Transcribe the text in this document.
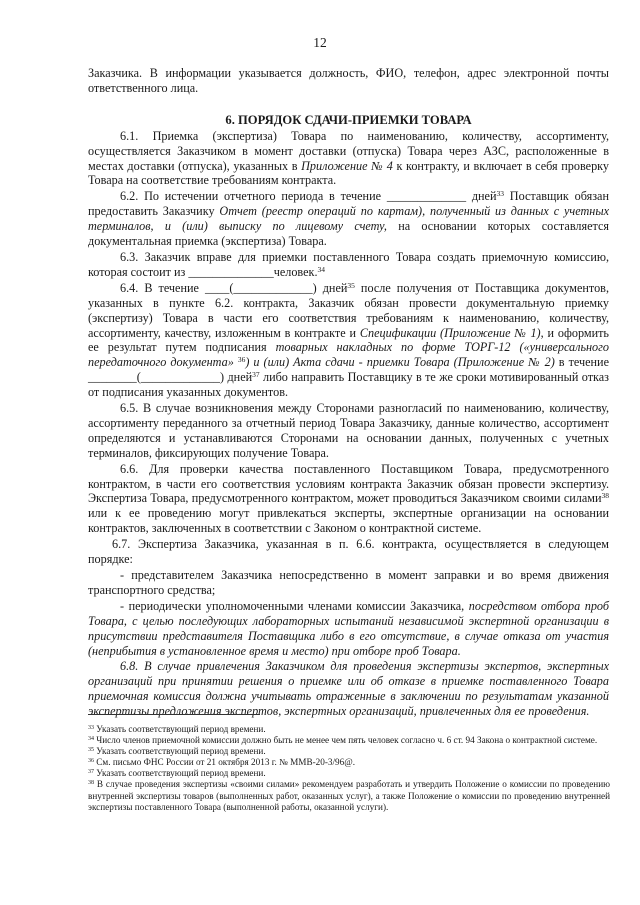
12

Заказчика. В информации указывается должность, ФИО, телефон, адрес электронной почты ответственного лица.

6. ПОРЯДОК СДАЧИ-ПРИЕМКИ ТОВАРА

6.1. Приемка (экспертиза) Товара по наименованию, количеству, ассортименту, осуществляется Заказчиком в момент доставки (отпуска) Товара через АЗС, расположенные в местах доставки (отпуска), указанных в Приложение № 4 к контракту, и включает в себя проверку Товара на соответствие требованиям контракта.

6.2. По истечении отчетного периода в течение _____________ дней$^{33}$ Поставщик обязан предоставить Заказчику Отчет (реестр операций по картам), полученный из данных с учетных терминалов, и (или) выписку по лицевому счету, на основании которых составляется документальная приемка (экспертиза) Товара.

6.3. Заказчик вправе для приемки поставленного Товара создать приемочную комиссию, которая состоит из ______________человек.$^{34}$

6.4. В течение ____(_____________) дней$^{35}$ после получения от Поставщика документов, указанных в пункте 6.2. контракта, Заказчик обязан провести документальную приемку (экспертизу) Товара в части его соответствия требованиям к наименованию, количеству, ассортименту, качеству, изложенным в контракте и Спецификации (Приложение № 1), и оформить ее результат путем подписания товарных накладных по форме ТОРГ-12 («универсального передаточного документа» $^{36}$) и (или) Акта сдачи - приемки Товара (Приложение № 2) в течение ________(_____________) дней$^{37}$ либо направить Поставщику в те же сроки мотивированный отказ от подписания указанных документов.

6.5. В случае возникновения между Сторонами разногласий по наименованию, количеству, ассортименту переданного за отчетный период Товара Заказчику, данные количество, ассортимент определяются и устанавливаются Сторонами на основании данных, полученных с учетных терминалов, фиксирующих получение Товара.

6.6. Для проверки качества поставленного Поставщиком Товара, предусмотренного контрактом, в части его соответствия условиям контракта Заказчик обязан провести экспертизу. Экспертиза Товара, предусмотренного контрактом, может проводиться Заказчиком своими силами$^{38}$ или к ее проведению могут привлекаться эксперты, экспертные организации на основании контрактов, заключенных в соответствии с Законом о контрактной системе.

6.7. Экспертиза Заказчика, указанная в п. 6.6. контракта, осуществляется в следующем порядке:

- представителем Заказчика непосредственно в момент заправки и во время движения транспортного средства;

- периодически уполномоченными членами комиссии Заказчика, посредством отбора проб Товара, с целью последующих лабораторных испытаний независимой экспертной организации в присутствии представителя Поставщика либо в его отсутствие, в случае отказа от участия (неприбытия в установленное время и место) при отборе проб Товара.

6.8. В случае привлечения Заказчиком для проведения экспертизы экспертов, экспертных организаций при принятии решения о приемке или об отказе в приемке поставленного Товара приемочная комиссия должна учитывать отраженные в заключении по результатам указанной экспертизы предложения экспертов, экспертных организаций, привлеченных для ее проведения.

$^{33}$ Указать соответствующий период времени.

$^{34}$ Число членов приемочной комиссии должно быть не менее чем пять человек согласно ч. 6 ст. 94 Закона о контрактной системе.

$^{35}$ Указать соответствующий период времени.

$^{36}$ См. письмо ФНС России от 21 октября 2013 г. № ММВ-20-3/96@.

$^{37}$ Указать соответствующий период времени.

$^{38}$ В случае проведения экспертизы «своими силами» рекомендуем разработать и утвердить Положение о комиссии по проведению внутренней экспертизы товаров (выполненных работ, оказанных услуг), а также Положение о комиссии по проведению внутренней экспертизы поставленного Товара (выполненной работы, оказанной услуги).
